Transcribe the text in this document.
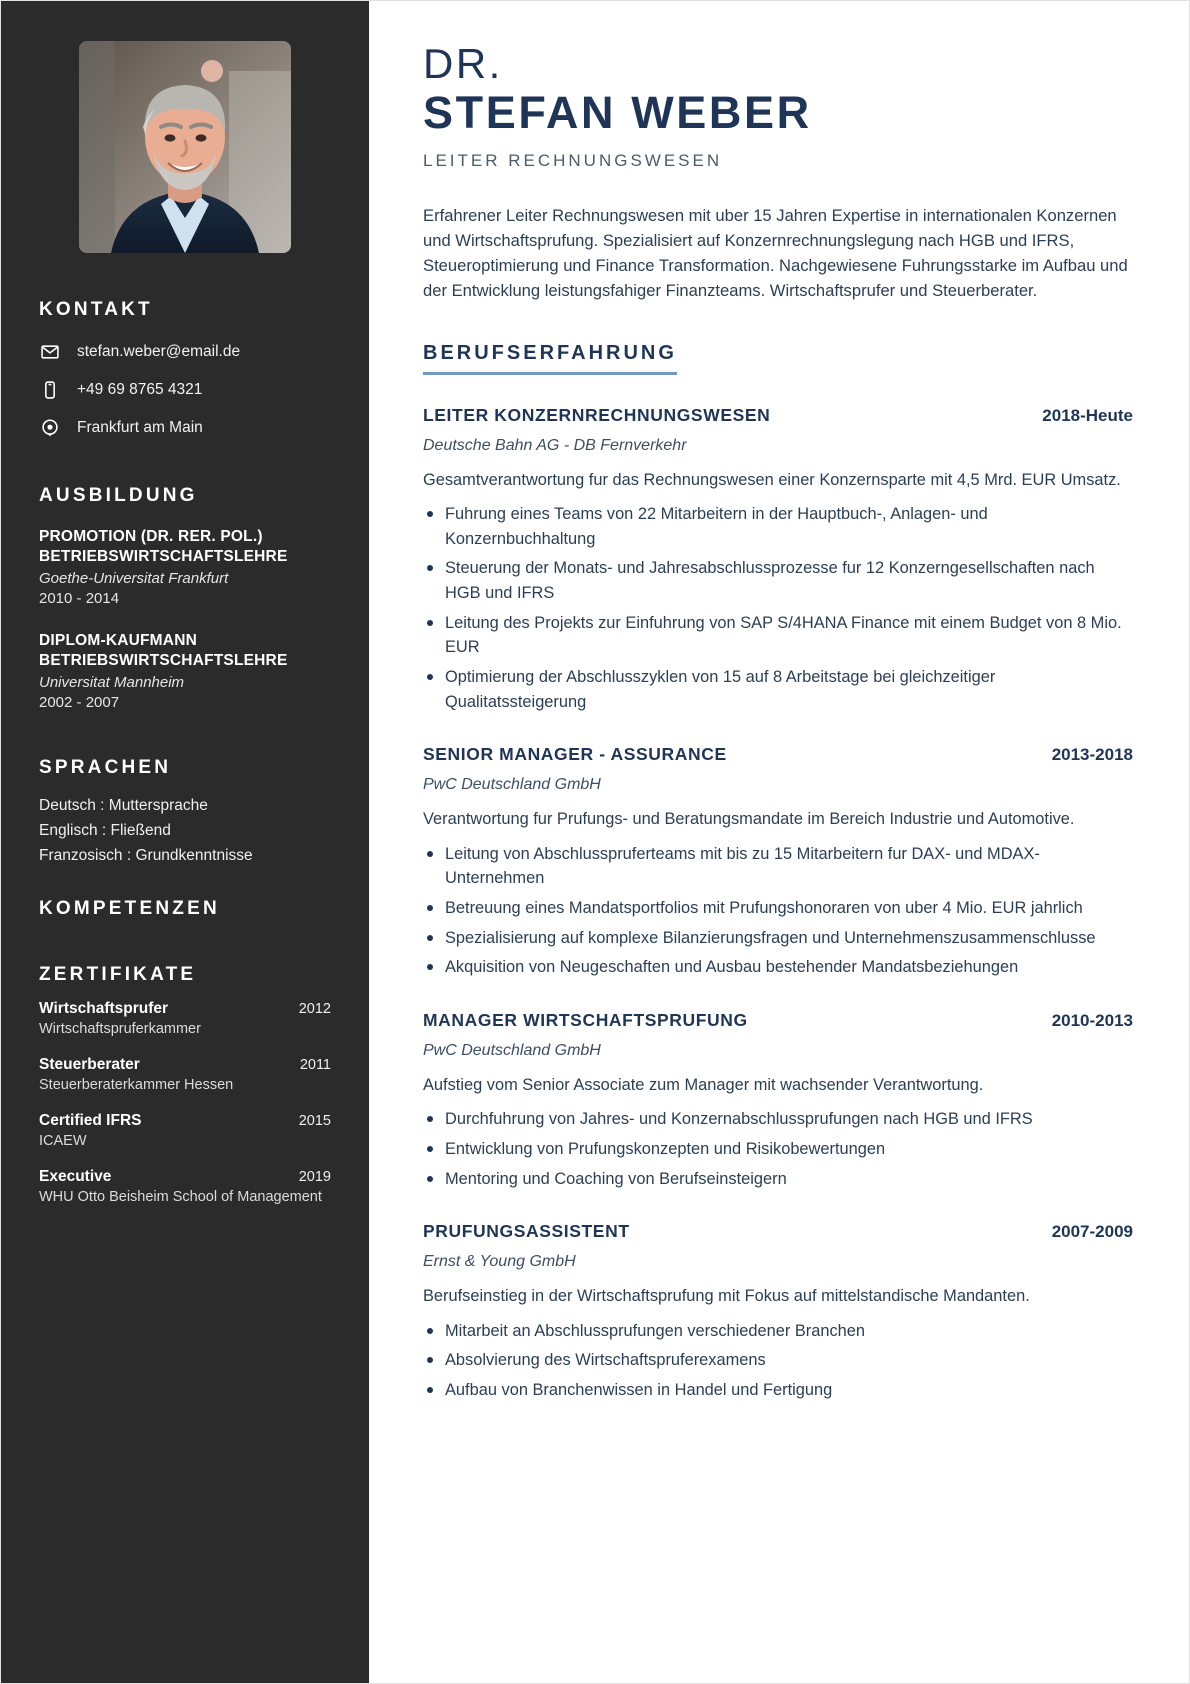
KONTAKT
stefan.weber@email.de
+49 69 8765 4321
Frankfurt am Main
AUSBILDUNG
PROMOTION (DR. RER. POL.) BETRIEBSWIRTSCHAFTSLEHRE
Goethe-Universitat Frankfurt
2010 - 2014
DIPLOM-KAUFMANN BETRIEBSWIRTSCHAFTSLEHRE
Universitat Mannheim
2002 - 2007
SPRACHEN
Deutsch : Muttersprache
Englisch : Fließend
Franzosisch : Grundkenntnisse
KOMPETENZEN
ZERTIFIKATE
Wirtschaftsprufer	2012
Wirtschaftspruferkammer
Steuerberater	2011
Steuerberaterkammer Hessen
Certified IFRS	2015
ICAEW
Executive	2019
WHU Otto Beisheim School of Management
DR.
STEFAN WEBER
LEITER RECHNUNGSWESEN

Erfahrener Leiter Rechnungswesen mit uber 15 Jahren Expertise in internationalen Konzernen und Wirtschaftsprufung. Spezialisiert auf Konzernrechnungslegung nach HGB und IFRS, Steueroptimierung und Finance Transformation. Nachgewiesene Fuhrungsstarke im Aufbau und der Entwicklung leistungsfahiger Finanzteams. Wirtschaftsprufer und Steuerberater.

BERUFSERFAHRUNG
LEITER KONZERNRECHNUNGSWESEN	2018-Heute
Deutsche Bahn AG - DB Fernverkehr
Gesamtverantwortung fur das Rechnungswesen einer Konzernsparte mit 4,5 Mrd. EUR Umsatz.
Fuhrung eines Teams von 22 Mitarbeitern in der Hauptbuch-, Anlagen- und Konzernbuchhaltung
Steuerung der Monats- und Jahresabschlussprozesse fur 12 Konzerngesellschaften nach HGB und IFRS
Leitung des Projekts zur Einfuhrung von SAP S/4HANA Finance mit einem Budget von 8 Mio. EUR
Optimierung der Abschlusszyklen von 15 auf 8 Arbeitstage bei gleichzeitiger Qualitatssteigerung
SENIOR MANAGER - ASSURANCE	2013-2018
PwC Deutschland GmbH
Verantwortung fur Prufungs- und Beratungsmandate im Bereich Industrie und Automotive.
Leitung von Abschlusspruferteams mit bis zu 15 Mitarbeitern fur DAX- und MDAX-Unternehmen
Betreuung eines Mandatsportfolios mit Prufungshonoraren von uber 4 Mio. EUR jahrlich
Spezialisierung auf komplexe Bilanzierungsfragen und Unternehmenszusammenschlusse
Akquisition von Neugeschaften und Ausbau bestehender Mandatsbeziehungen
MANAGER WIRTSCHAFTSPRUFUNG	2010-2013
PwC Deutschland GmbH
Aufstieg vom Senior Associate zum Manager mit wachsender Verantwortung.
Durchfuhrung von Jahres- und Konzernabschlussprufungen nach HGB und IFRS
Entwicklung von Prufungskonzepten und Risikobewertungen
Mentoring und Coaching von Berufseinsteigern
PRUFUNGSASSISTENT	2007-2009
Ernst & Young GmbH
Berufseinstieg in der Wirtschaftsprufung mit Fokus auf mittelstandische Mandanten.
Mitarbeit an Abschlussprufungen verschiedener Branchen
Absolvierung des Wirtschaftspruferexamens
Aufbau von Branchenwissen in Handel und Fertigung
